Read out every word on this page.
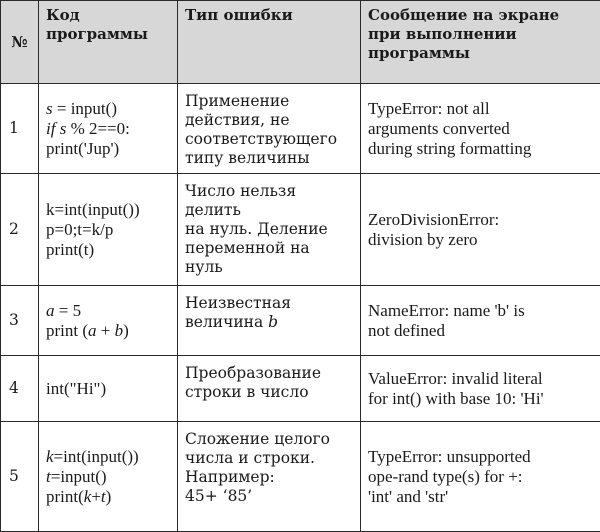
№	Код программы	Тип ошибки	Сообщение на экране при выполнении программы
1	s = input()
if s % 2==0:
print('Jup')	Применение
действия, не
соответствующего
типу величины	TypeError: not all
arguments converted
during string formatting

2	k=int(input())
p=0;t=k/p
print(t)	Число нельзя
делить
на нуль. Деление
переменной на
нуль	ZeroDivisionError:
division by zero

3	a = 5
print (a + b)	Неизвестная
величина b	NameError: name 'b' is
not defined

4	int("Hi")	Преобразование
строки в число	ValueError: invalid literal
for int() with base 10: 'Hi'

5	k=int(input())
t=input()
print(k+t)	Сложение целого
числа и строки.
Например:
45+ ‘85’	TypeError: unsupported
ope-rand type(s) for +:
'int' and 'str'
